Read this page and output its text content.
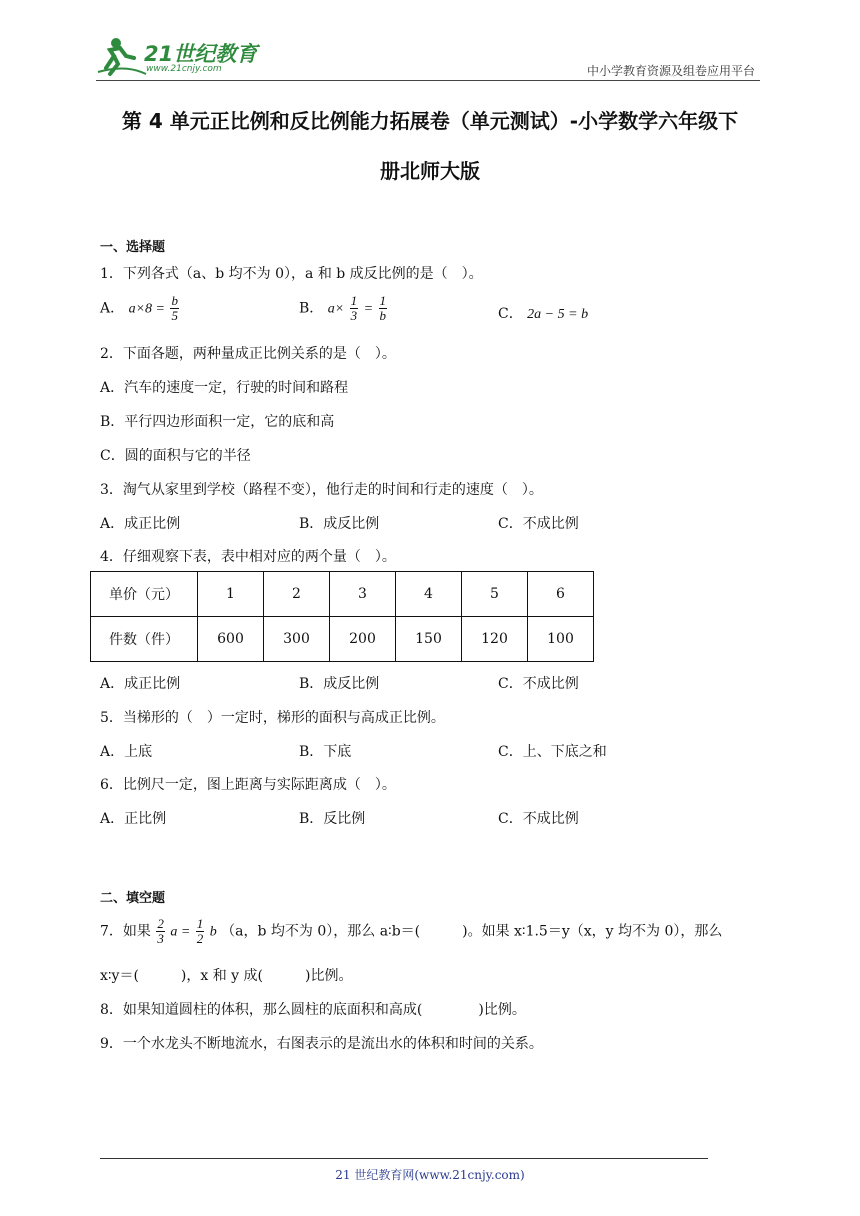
21世纪教育
www.21cnjy.com	中小学教育资源及组卷应用平台
第 4 单元正比例和反比例能力拓展卷（单元测试）-小学数学六年级下
册北师大版
一、选择题
1．下列各式（a、b 均不为 0），a 和 b 成反比例的是（　）。
A． $a\times 8 = \frac{b}{5}$	B． $a\times \frac{1}{3} = \frac{1}{b}$	C． 2a − 5 = b
2．下面各题，两种量成正比例关系的是（　）。
A．汽车的速度一定，行驶的时间和路程
B．平行四边形面积一定，它的底和高
C．圆的面积与它的半径
3．淘气从家里到学校（路程不变），他行走的时间和行走的速度（　）。
A．成正比例	B．成反比例	C．不成比例
4．仔细观察下表，表中相对应的两个量（　）。
单价（元）	1	2	3	4	5	6
件数（件）	600	300	200	150	120	100
A．成正比例	B．成反比例	C．不成比例
5．当梯形的（　）一定时，梯形的面积与高成正比例。
A．上底	B．下底	C．上、下底之和
6．比例尺一定，图上距离与实际距离成（　）。
A．正比例	B．反比例	C．不成比例
二、填空题
7．如果 $\frac{2}{3}$ $a = \frac{1}{2}$ b （a，b 均不为 0），那么 a∶b＝(　　　)。如果 x∶1.5＝y（x，y 均不为 0），那么
x∶y＝(　　　)，x 和 y 成(　　　)比例。
8．如果知道圆柱的体积，那么圆柱的底面积和高成(　　　　)比例。
9．一个水龙头不断地流水，右图表示的是流出水的体积和时间的关系。
21 世纪教育网(www.21cnjy.com)
